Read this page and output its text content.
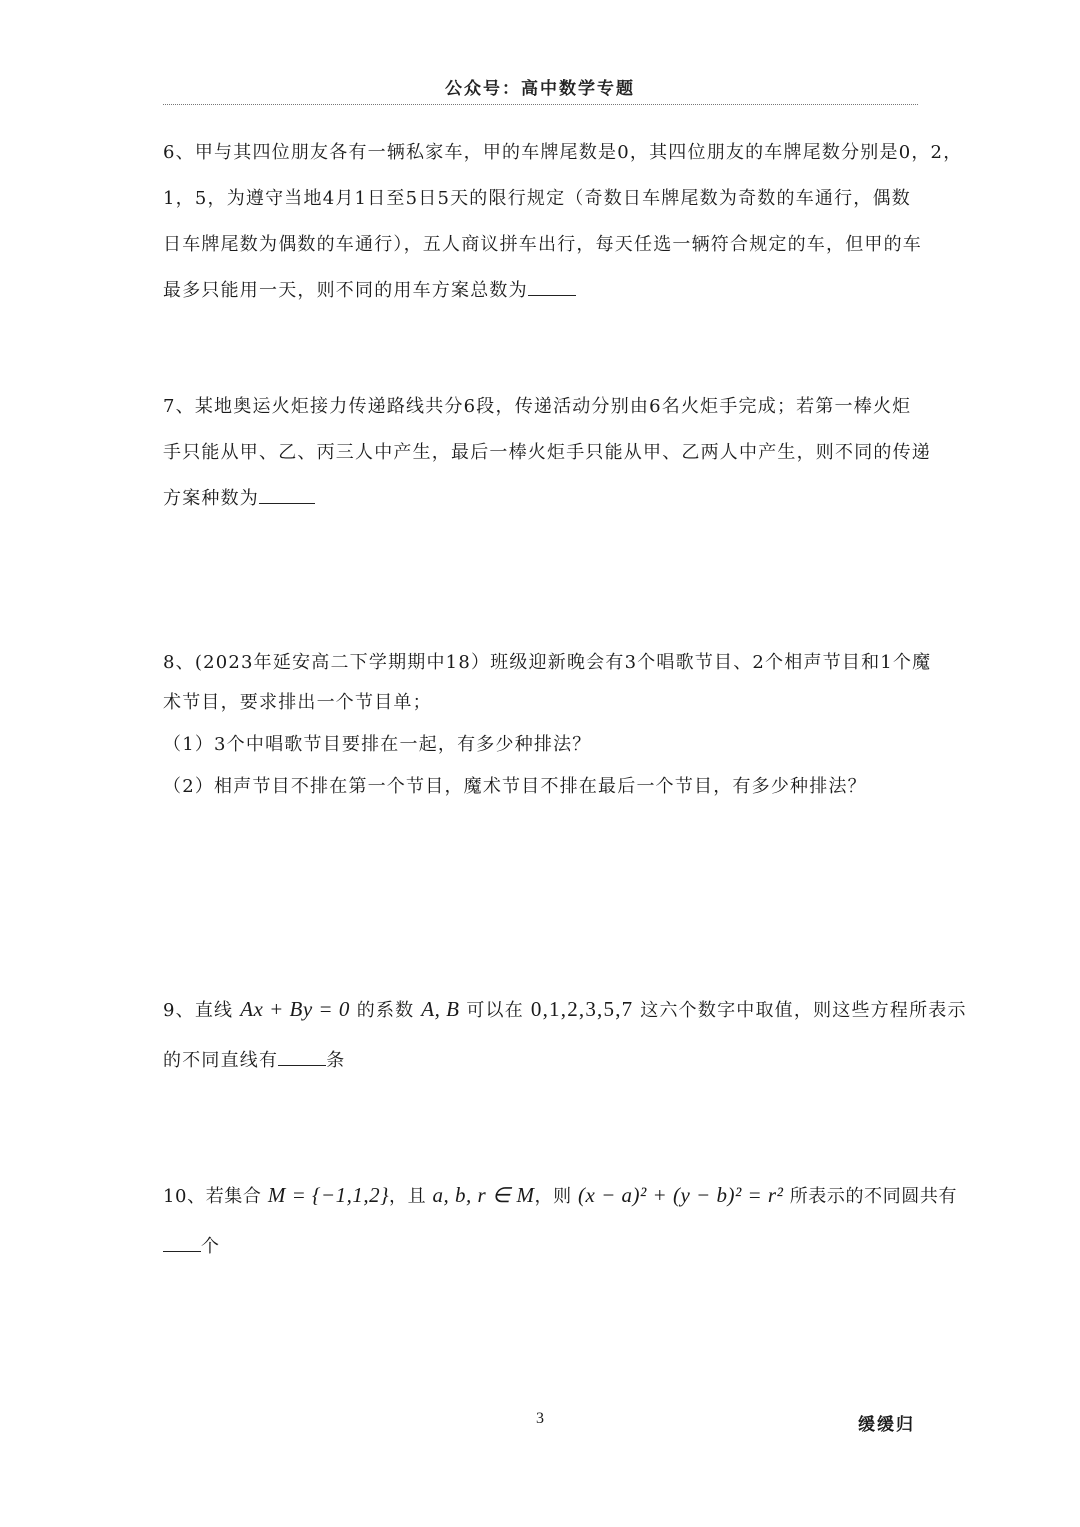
公众号：高中数学专题
6、甲与其四位朋友各有一辆私家车，甲的车牌尾数是0，其四位朋友的车牌尾数分别是0，2，
1，5，为遵守当地4月1日至5日5天的限行规定（奇数日车牌尾数为奇数的车通行，偶数
日车牌尾数为偶数的车通行），五人商议拼车出行，每天任选一辆符合规定的车，但甲的车
最多只能用一天，则不同的用车方案总数为
7、某地奥运火炬接力传递路线共分6段，传递活动分别由6名火炬手完成；若第一棒火炬
手只能从甲、乙、丙三人中产生，最后一棒火炬手只能从甲、乙两人中产生，则不同的传递
方案种数为
8、(2023年延安高二下学期期中18）班级迎新晚会有3个唱歌节目、2个相声节目和1个魔
术节目，要求排出一个节目单；
（1）3个中唱歌节目要排在一起，有多少种排法？
（2）相声节目不排在第一个节目，魔术节目不排在最后一个节目，有多少种排法？
9、直线 Ax + By = 0 的系数 A, B 可以在 0,1,2,3,5,7 这六个数字中取值，则这些方程所表示
的不同直线有	条
10、若集合 M = {−1,1,2}，且 a, b, r ∈ M，则 (x − a)² + (y − b)² = r² 所表示的不同圆共有
个
3	缓缓归
